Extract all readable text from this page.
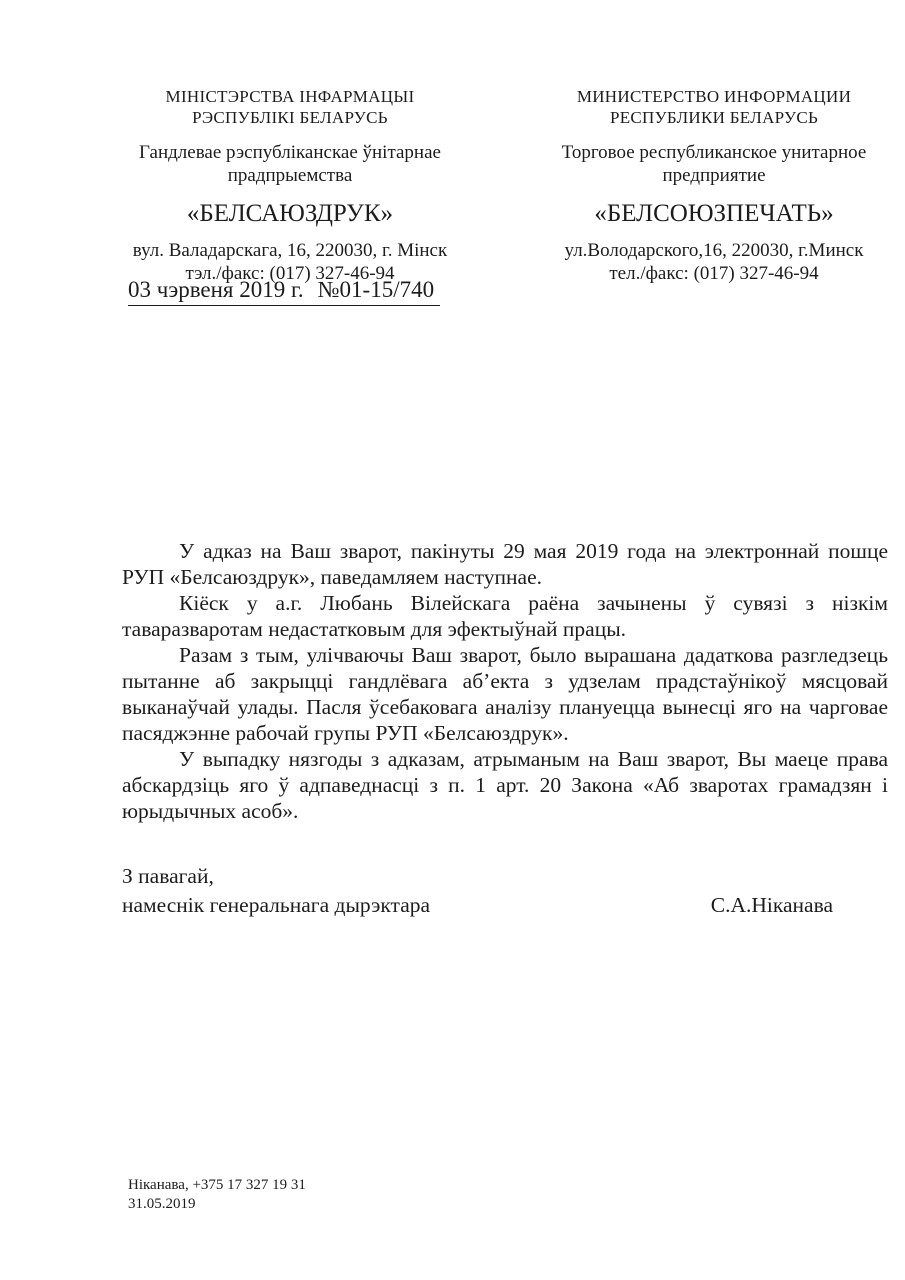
МІНІСТЭРСТВА ІНФАРМАЦЫІ
РЭСПУБЛІКІ БЕЛАРУСЬ
Гандлевае рэспубліканскае ўнітарнае прадпрыемства
«БЕЛСАЮЗДРУК»
вул. Валадарскага, 16, 220030, г. Мінск
тэл./факс: (017) 327-46-94
МИНИСТЕРСТВО ИНФОРМАЦИИ
РЕСПУБЛИКИ БЕЛАРУСЬ
Торговое республиканское унитарное предприятие
«БЕЛСОЮЗПЕЧАТЬ»
ул.Володарского,16, 220030, г.Минск
тел./факс: (017) 327-46-94
03 чэрвеня 2019 г. №01-15/740

У адказ на Ваш зварот, пакінуты 29 мая 2019 года на электроннай пошце РУП «Белсаюздрук», паведамляем наступнае.

Кіёск у а.г. Любань Вілейскага раёна зачынены ў сувязі з нізкім таваразваротам недастатковым для эфектыўнай працы.

Разам з тым, улічваючы Ваш зварот, было вырашана дадаткова разгледзець пытанне аб закрыцці гандлёвага аб’екта з удзелам прадстаўнікоў мясцовай выканаўчай улады. Пасля ўсебаковага аналізу плануецца вынесці яго на чарговае пасяджэнне рабочай групы РУП «Белсаюздрук».

У выпадку нязгоды з адказам, атрыманым на Ваш зварот, Вы маеце права абскардзіць яго ў адпаведнасці з п. 1 арт. 20 Закона «Аб зваротах грамадзян і юрыдычных асоб».

З павагай,
намеснік генеральнага дырэктара	С.А.Ніканава
Ніканава, +375 17 327 19 31
31.05.2019
